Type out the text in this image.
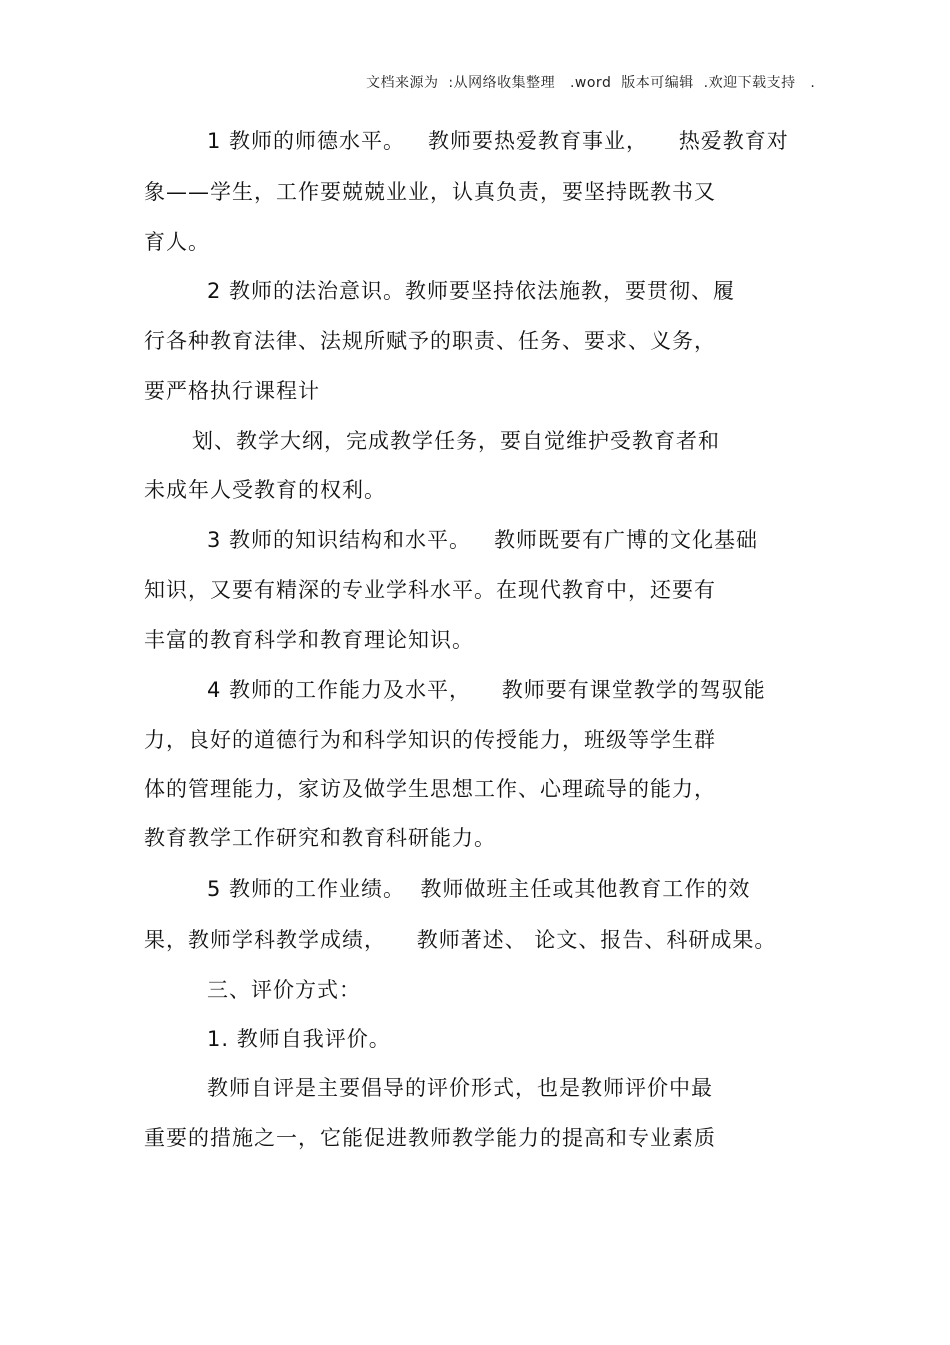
文档来源为  :从网络收集整理   .word  版本可编辑  .欢迎下载支持   .
1 教师的师德水平。   教师要热爱教育事业，    热爱教育对
象——学生，工作要兢兢业业，认真负责，要坚持既教书又
育人。
2 教师的法治意识。教师要坚持依法施教，要贯彻、履
行各种教育法律、法规所赋予的职责、任务、要求、义务，
要严格执行课程计
划、教学大纲，完成教学任务，要自觉维护受教育者和
未成年人受教育的权利。
3 教师的知识结构和水平。   教师既要有广博的文化基础
知识，又要有精深的专业学科水平。在现代教育中，还要有
丰富的教育科学和教育理论知识。
4 教师的工作能力及水平，    教师要有课堂教学的驾驭能
力，良好的道德行为和科学知识的传授能力，班级等学生群
体的管理能力，家访及做学生思想工作、心理疏导的能力，
教育教学工作研究和教育科研能力。
5 教师的工作业绩。  教师做班主任或其他教育工作的效
果，教师学科教学成绩，    教师著述、 论文、报告、科研成果。
三、评价方式：
1. 教师自我评价。
教师自评是主要倡导的评价形式，也是教师评价中最
重要的措施之一，它能促进教师教学能力的提高和专业素质
